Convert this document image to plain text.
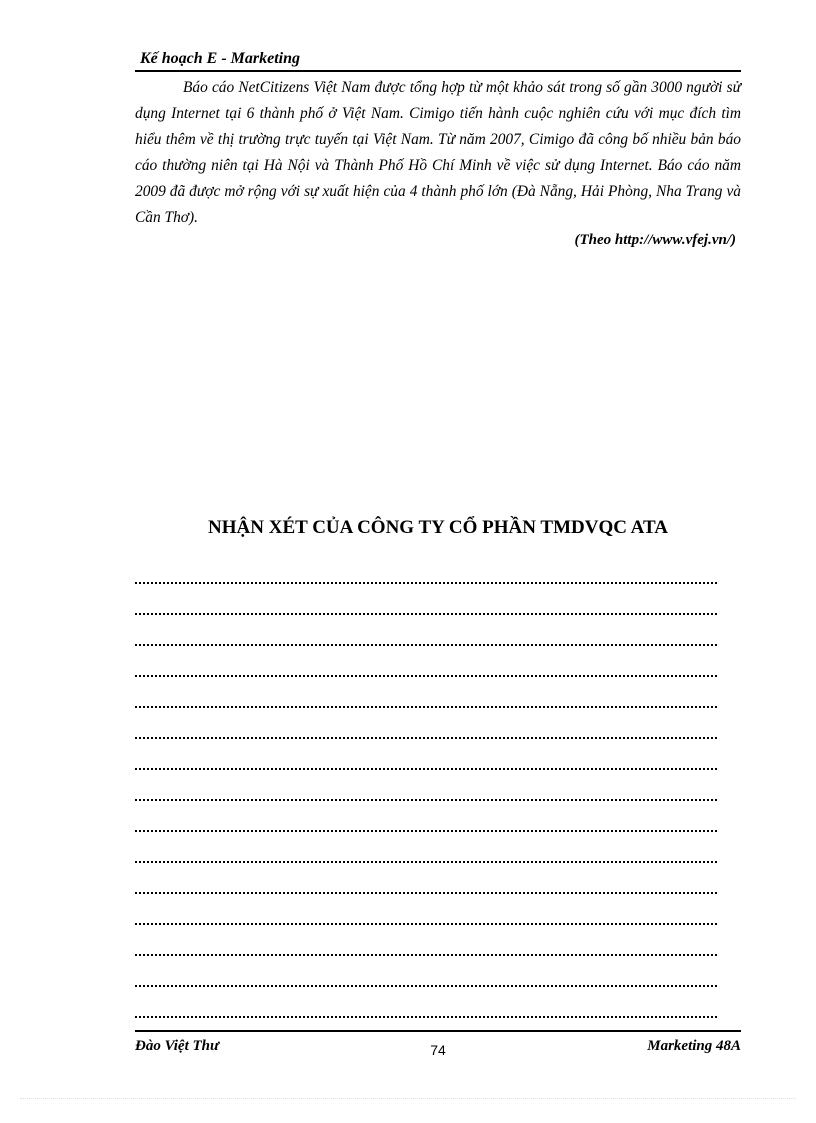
Kế hoạch E - Marketing

Báo cáo NetCitizens Việt Nam được tổng hợp từ một khảo sát trong số gần 3000 người sử dụng Internet tại 6 thành phố ở Việt Nam. Cimigo tiến hành cuộc nghiên cứu với mục đích tìm hiểu thêm về thị trường trực tuyến tại Việt Nam. Từ năm 2007, Cimigo đã công bố nhiều bản báo cáo thường niên tại Hà Nội và Thành Phố Hồ Chí Minh về việc sử dụng Internet. Báo cáo năm 2009 đã được mở rộng với sự xuất hiện của 4 thành phố lớn (Đà Nẵng, Hải Phòng, Nha Trang và Cần Thơ).

(Theo http://www.vfej.vn/)
NHẬN XÉT CỦA CÔNG TY CỔ PHẦN TMDVQC ATA
Đào Việt Thư	74	Marketing 48A
